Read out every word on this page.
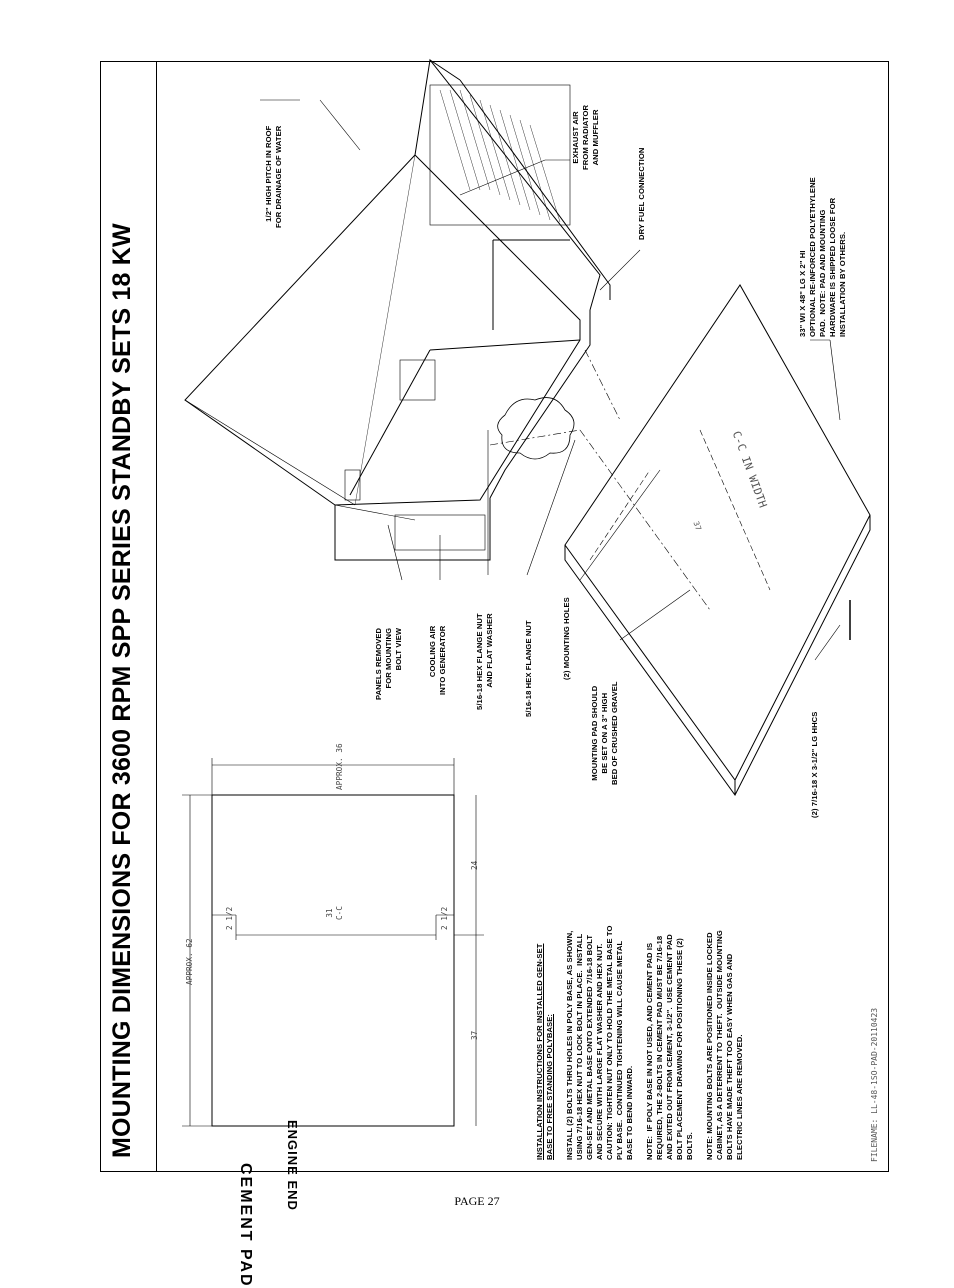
MOUNTING DIMENSIONS FOR 3600 RPM SPP SERIES STANDBY SETS 18 KW
CEMENT PAD ENGINE END
APPROX. 62
37
24
31
C-C
2 1/2	2 1/2
APPROX. 36

INSTALLATION INSTRUCTIONS FOR INSTALLED GEN-SET
BASE TO FREE STANDING POLYBASE:

INSTALL (2) BOLTS THRU HOLES IN POLY BASE, AS SHOWN,
USING 7/16-18 HEX NUT TO LOCK BOLT IN PLACE.  INSTALL
GEN-SET AND METAL BASE ONTO EXTENDED 7/16-18 BOLT
AND SECURE WITH LARGE FLAT WASHER AND HEX NUT.
CAUTION: TIGHTEN NUT ONLY TO HOLD THE METAL BASE TO
PLY BASE.  CONTINUED TIGHTENING WILL CAUSE METAL
BASE TO BEND INWARD.

NOTE:  IF POLY BASE IN NOT USED, AND CEMENT PAD IS
REQUIRED, THE 2-BOLTS IN CEMENT PAD MUST BE 7/16-18
AND EXITED OUT FROM CEMENT, 3-1/2".  USE CEMENT PAD
BOLT PLACEMENT DRAWING FOR POSITIONING THESE (2)
BOLTS. NOTE: MOUNTING BOLTS ARE POSITIONED INSIDE LOCKED
CABINET, AS A DETERRENT TO THEFT.  OUTSIDE MOUNTING
BOLTS HAVE MADE THEFT TOO EASY WHEN GAS AND
ELECTRIC LINES ARE REMOVED.

PANELS REMOVED
FOR MOUNTING
BOLT VIEW
COOLING AIR
INTO GENERATOR
5/16-18 HEX FLANGE NUT
AND FLAT WASHER	5/16-18 HEX FLANGE NUT	(2) MOUNTING HOLES
MOUNTING PAD SHOULD
BE SET ON A 3" HIGH
BED OF CRUSHED GRAVEL
(2) 7/16-18 X 3-1/2" LG HHCS
1/2" HIGH PITCH IN ROOF
FOR DRAINAGE OF WATER	EXHAUST AIR
FROM RADIATOR
AND MUFFLER
DRY FUEL CONNECTION
33" WI X 48" LG X 2" HI
OPTIONAL RE-INFORCED POLYETHYLENE
PAD.  NOTE: PAD AND MOUNTING
HARDWARE IS SHIPPED LOOSE FOR
INSTALLATION BY OTHERS.
37
C-C IN WIDTH
FILENAME: LL-48-1SO-PAD-20110423
PAGE 27
